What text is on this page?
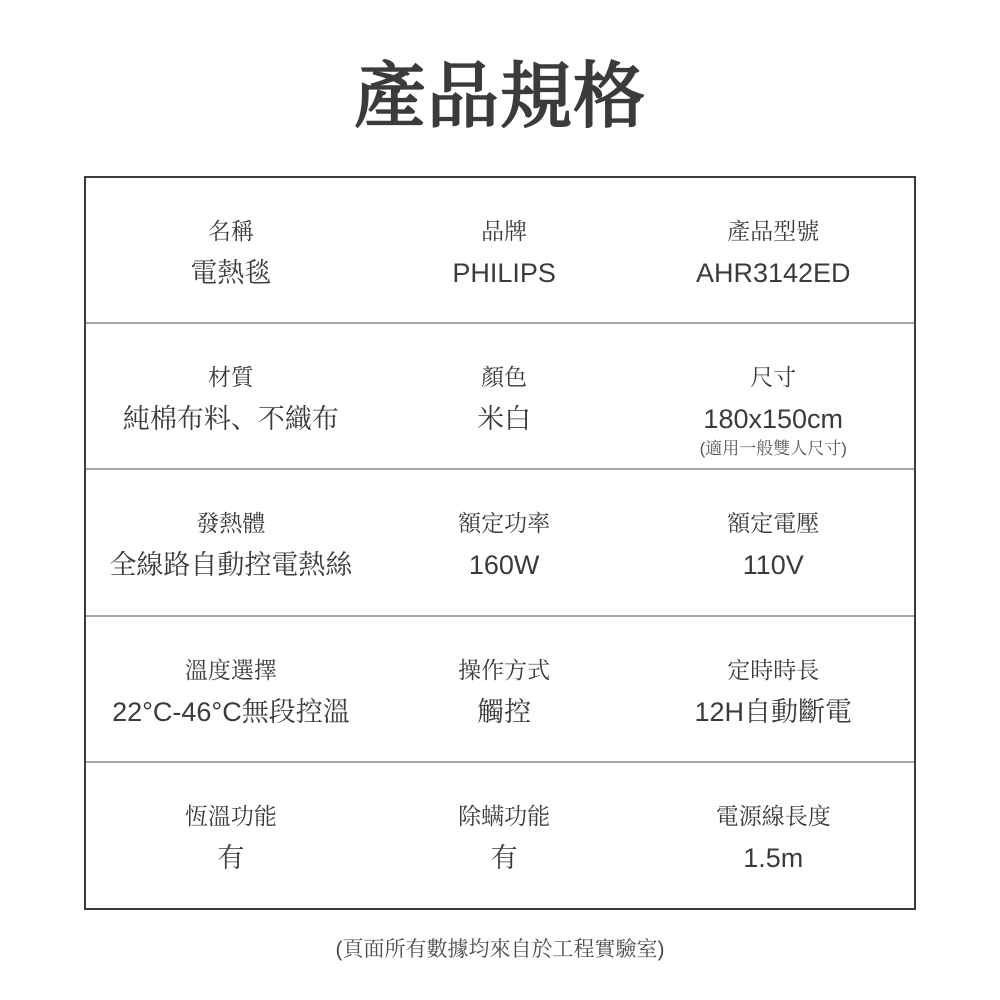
產品規格
名稱
電熱毯
品牌
PHILIPS
產品型號
AHR3142ED
材質
純棉布料、不織布
顏色
米白
尺寸
180x150cm
(適用一般雙人尺寸)
發熱體
全線路自動控電熱絲
額定功率
160W
額定電壓
110V
溫度選擇
22°C-46°C無段控溫
操作方式
觸控
定時時長
12H自動斷電
恆溫功能
有
除螨功能
有
電源線長度
1.5m
(頁面所有數據均來自於工程實驗室)
